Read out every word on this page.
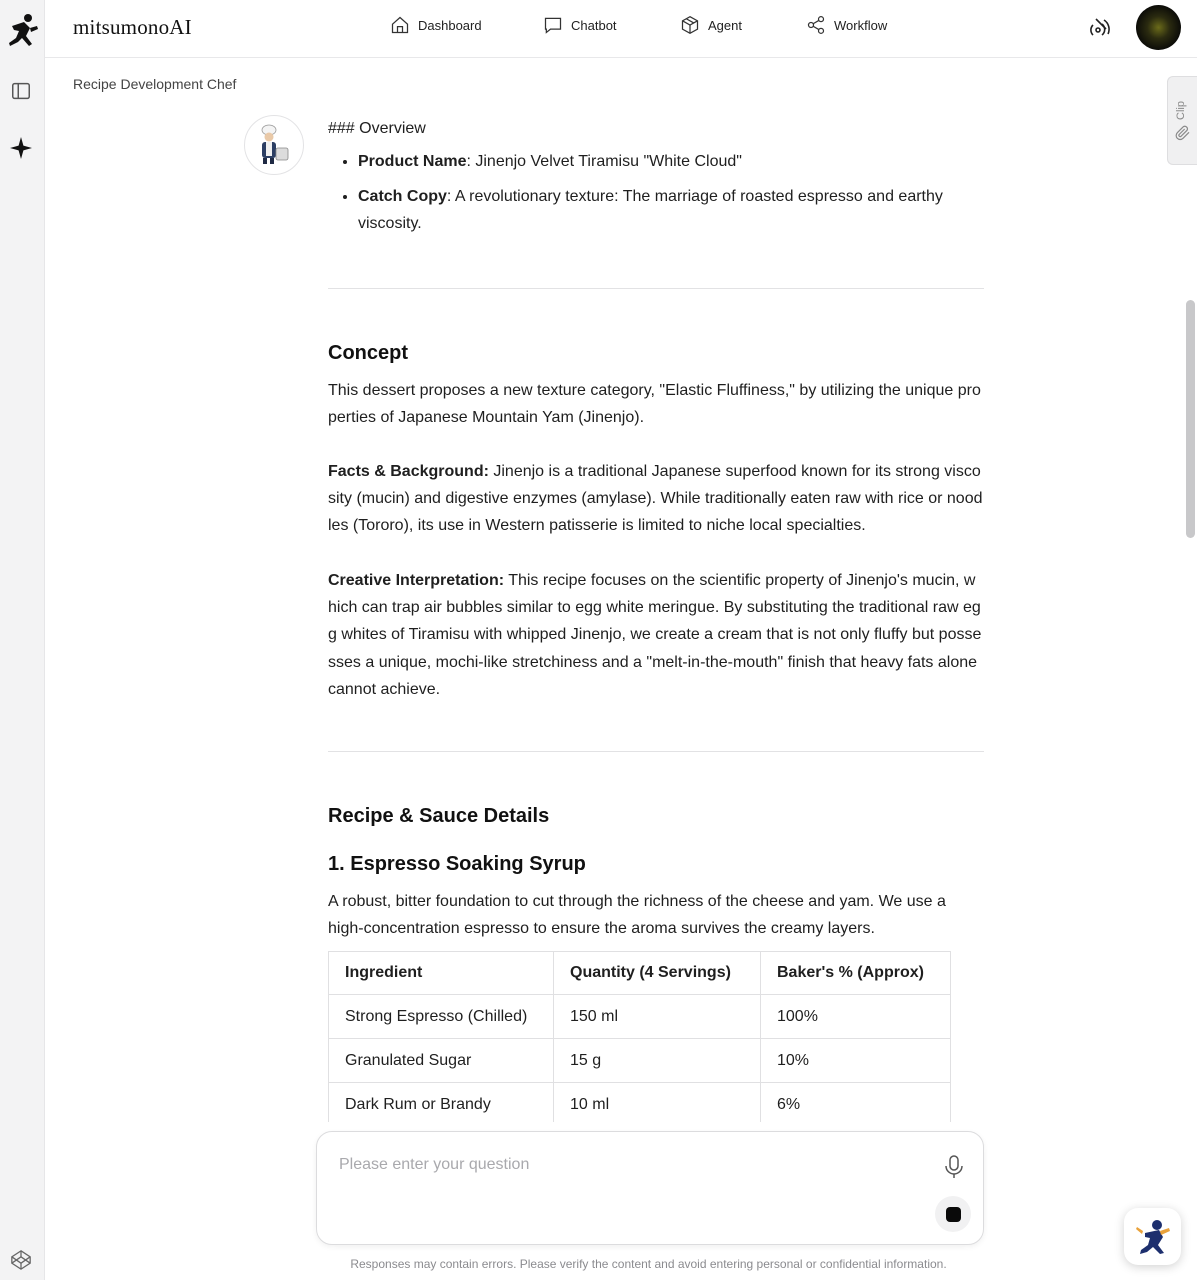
mitsumonoAI	Dashboard	Chatbot	Agent	Workflow
Recipe Development Chef
Clip

### Overview

• Product Name: Jinenjo Velvet Tiramisu "White Cloud"
• Catch Copy: A revolutionary texture: The marriage of roasted espresso and earthy viscosity.
Concept
This dessert proposes a new texture category, "Elastic Fluffiness," by utilizing the unique properties of Japanese Mountain Yam (Jinenjo).
Facts & Background: Jinenjo is a traditional Japanese superfood known for its strong viscosity (mucin) and digestive enzymes (amylase). While traditionally eaten raw with rice or noodles (Tororo), its use in Western patisserie is limited to niche local specialties.
Creative Interpretation: This recipe focuses on the scientific property of Jinenjo's mucin, which can trap air bubbles similar to egg white meringue. By substituting the traditional raw egg whites of Tiramisu with whipped Jinenjo, we create a cream that is not only fluffy but possesses a unique, mochi-like stretchiness and a "melt-in-the-mouth" finish that heavy fats alone cannot achieve.
Recipe & Sauce Details
1. Espresso Soaking Syrup
A robust, bitter foundation to cut through the richness of the cheese and yam. We use a high-concentration espresso to ensure the aroma survives the creamy layers.
Ingredient	Quantity (4 Servings)	Baker's % (Approx)
Strong Espresso (Chilled)	150 ml	100%
Granulated Sugar	15 g	10%
Dark Rum or Brandy	10 ml	6%
Please enter your question
Responses may contain errors. Please verify the content and avoid entering personal or confidential information.
